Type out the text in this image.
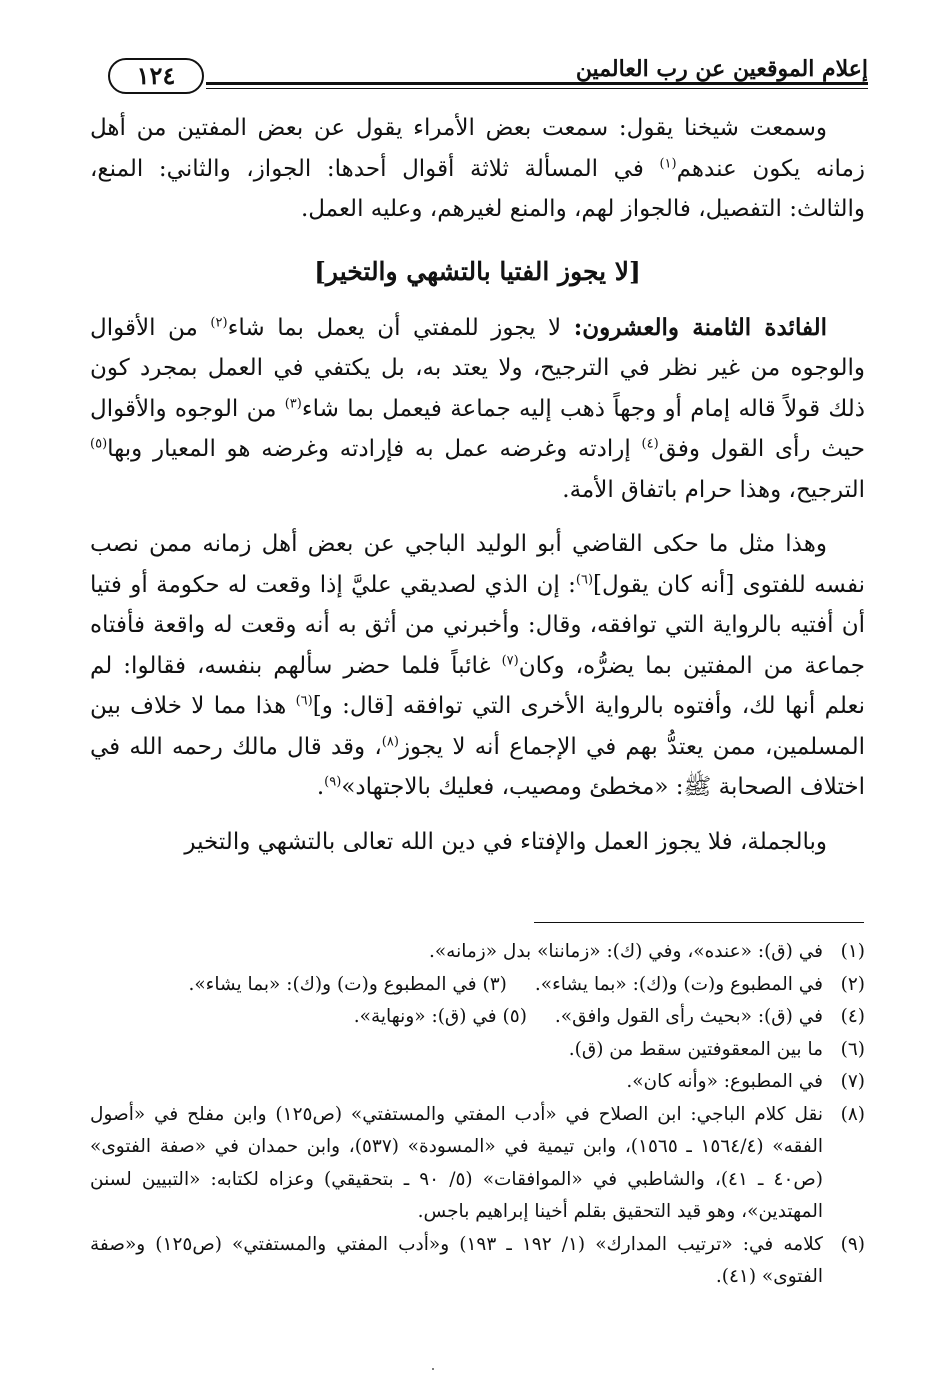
إعلام الموقعين عن رب العالمين
١٢٤

وسمعت شيخنا يقول: سمعت بعض الأمراء يقول عن بعض المفتين من أهل زمانه يكون عندهم$^{(١)}$ في المسألة ثلاثة أقوال أحدها: الجواز، والثاني: المنع، والثالث: التفصيل، فالجواز لهم، والمنع لغيرهم، وعليه العمل.

[لا يجوز الفتيا بالتشهي والتخير]

الفائدة الثامنة والعشرون: لا يجوز للمفتي أن يعمل بما شاء$^{(٢)}$ من الأقوال والوجوه من غير نظر في الترجيح، ولا يعتد به، بل يكتفي في العمل بمجرد كون ذلك قولاً قاله إمام أو وجهاً ذهب إليه جماعة فيعمل بما شاء$^{(٣)}$ من الوجوه والأقوال حيث رأى القول وفق$^{(٤)}$ إرادته وغرضه عمل به فإرادته وغرضه هو المعيار وبها$^{(٥)}$ الترجيح، وهذا حرام باتفاق الأمة.

وهذا مثل ما حكى القاضي أبو الوليد الباجي عن بعض أهل زمانه ممن نصب نفسه للفتوى [أنه كان يقول]$^{(٦)}$: إن الذي لصديقي عليَّ إذا وقعت له حكومة أو فتيا أن أفتيه بالرواية التي توافقه، وقال: وأخبرني من أثق به أنه وقعت له واقعة فأفتاه جماعة من المفتين بما يضرُّه، وكان$^{(٧)}$ غائباً فلما حضر سألهم بنفسه، فقالوا: لم نعلم أنها لك، وأفتوه بالرواية الأخرى التي توافقه [قال: و]$^{(٦)}$ هذا مما لا خلاف بين المسلمين، ممن يعتدُّ بهم في الإجماع أنه لا يجوز$^{(٨)}$، وقد قال مالك رحمه الله في اختلاف الصحابة ﷺ: «مخطئ ومصيب، فعليك بالاجتهاد»$^{(٩)}$.

وبالجملة، فلا يجوز العمل والإفتاء في دين الله تعالى بالتشهي والتخير

(١)
في (ق): «عنده»، وفي (ك): «زماننا» بدل «زمانه».
(٢)
في المطبوع و(ت) و(ك): «بما يشاء».(٣) في المطبوع و(ت) و(ك): «بما يشاء».
(٤)
في (ق): «بحيث رأى القول وافق».(٥) في (ق): «ونهاية».
(٦)
ما بين المعقوفتين سقط من (ق).
(٧)
في المطبوع: «وأنه كان».
(٨)
نقل كلام الباجي: ابن الصلاح في «أدب المفتي والمستفتي» (ص١٢٥) وابن مفلح في «أصول الفقه» (١٥٦٤/٤ ـ ١٥٦٥)، وابن تيمية في «المسودة» (٥٣٧)، وابن حمدان في «صفة الفتوى» (ص٤٠ ـ ٤١)، والشاطبي في «الموافقات» (٥/ ٩٠ ـ بتحقيقي) وعزاه لكتابه: «التبيين لسنن المهتدين»، وهو قيد التحقيق بقلم أخينا إبراهيم باجس.
(٩)
كلامه في: «ترتيب المدارك» (١/ ١٩٢ ـ ١٩٣) و«أدب المفتي والمستفتي» (ص١٢٥) و«صفة الفتوى» (٤١).
